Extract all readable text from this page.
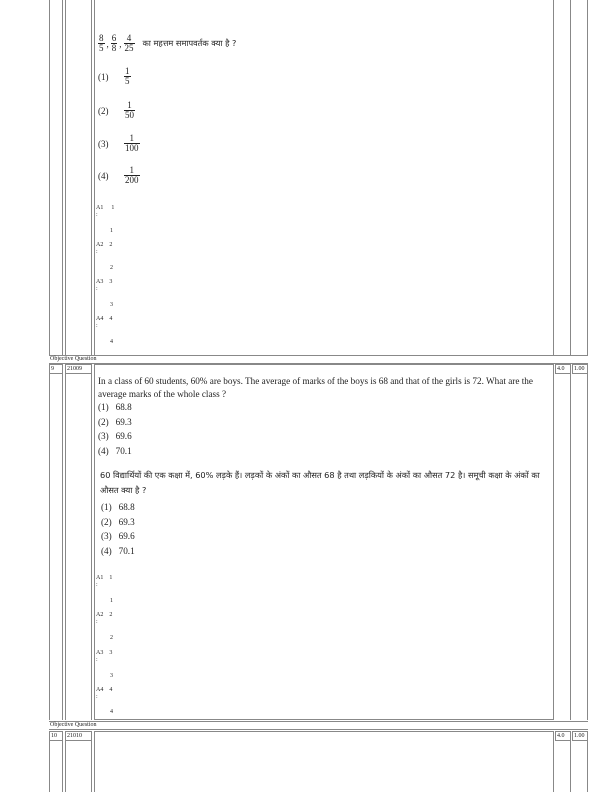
$\frac{8}{5}$ , $\frac{6}{8}$ , $\frac{4}{25}$ का महत्तम समापवर्तक क्या है ?
(1)	$\frac{1}{5}$
(2)	$\frac{1}{50}$
(3)	$\frac{1}{100}$
(4)	$\frac{1}{200}$
A1 1
:
1
A2 2
:
2
A3 3
:
3
A4 4
:
4
Objective Question
9	21009	4.0	1.00
In a class of 60 students, 60% are boys. The average of marks of the boys is 68 and that of the girls is 72. What are the average marks of the whole class ?
(1) 68.8
(2) 69.3
(3) 69.6
(4) 70.1
60 विद्यार्थियों की एक कक्षा में, 60% लड़के हैं। लड़कों के अंकों का औसत 68 है तथा लड़कियों के अंकों का औसत 72 है। समूची कक्षा के अंकों का औसत क्या है ?
(1) 68.8
(2) 69.3
(3) 69.6
(4) 70.1
A1 1
:
1
A2 2
:
2
A3 3
:
3
A4 4
:
4
Objective Question
10	21010	4.0	1.00
